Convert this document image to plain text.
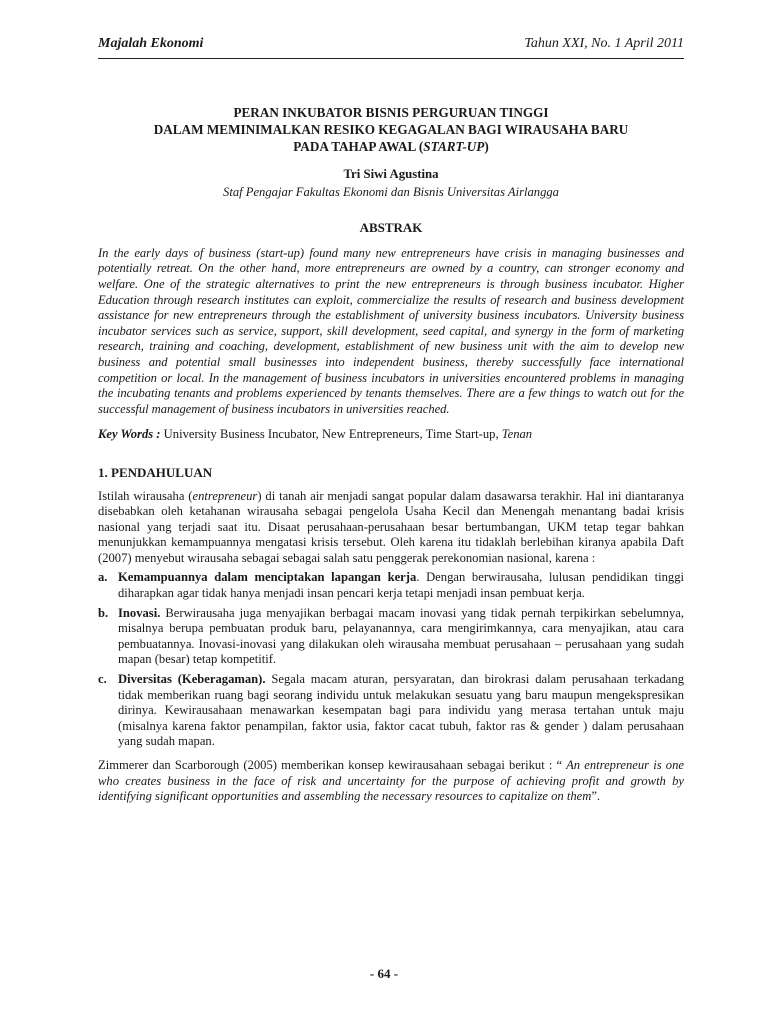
Majalah Ekonomi	Tahun XXI, No. 1 April 2011
PERAN INKUBATOR BISNIS PERGURUAN TINGGI
DALAM MEMINIMALKAN RESIKO KEGAGALAN BAGI WIRAUSAHA BARU
PADA TAHAP AWAL (START-UP)
Tri Siwi Agustina
Staf Pengajar Fakultas Ekonomi dan Bisnis Universitas Airlangga
ABSTRAK
In the early days of business (start-up) found many new entrepreneurs have crisis in managing businesses and potentially retreat. On the other hand, more entrepreneurs are owned by a country, can stronger economy and welfare. One of the strategic alternatives to print the new entrepreneurs is through business incubator. Higher Education through research institutes can exploit, commercialize the results of research and business development assistance for new entrepreneurs through the establishment of university business incubators. University business incubator services such as service, support, skill development, seed capital, and synergy in the form of marketing research, training and coaching, development, establishment of new business unit with the aim to develop new business and potential small businesses into independent business, thereby successfully face international competition or local. In the management of business incubators in universities encountered problems in managing the incubating tenants and problems experienced by tenants themselves. There are a few things to watch out for the successful management of business incubators in universities reached.
Key Words : University Business Incubator, New Entrepreneurs, Time Start-up, Tenan
1. PENDAHULUAN
Istilah wirausaha (entrepreneur) di tanah air menjadi sangat popular dalam dasawarsa terakhir. Hal ini diantaranya disebabkan oleh ketahanan wirausaha sebagai pengelola Usaha Kecil dan Menengah menantang badai krisis nasional yang terjadi saat itu. Disaat perusahaan-perusahaan besar bertumbangan, UKM tetap tegar bahkan menunjukkan kemampuannya mengatasi krisis tersebut. Oleh karena itu tidaklah berlebihan kiranya apabila Daft (2007) menyebut wirausaha sebagai sebagai salah satu penggerak perekonomian nasional, karena :
a. Kemampuannya dalam menciptakan lapangan kerja. Dengan berwirausaha, lulusan pendidikan tinggi diharapkan agar tidak hanya menjadi insan pencari kerja tetapi menjadi insan pembuat kerja.
b. Inovasi. Berwirausaha juga menyajikan berbagai macam inovasi yang tidak pernah terpikirkan sebelumnya, misalnya berupa pembuatan produk baru, pelayanannya, cara mengirimkannya, cara menyajikan, atau cara pembuatannya. Inovasi-inovasi yang dilakukan oleh wirausaha membuat perusahaan – perusahaan yang sudah mapan (besar) tetap kompetitif.
c. Diversitas (Keberagaman). Segala macam aturan, persyaratan, dan birokrasi dalam perusahaan terkadang tidak memberikan ruang bagi seorang individu untuk melakukan sesuatu yang baru maupun mengekspresikan dirinya. Kewirausahaan menawarkan kesempatan bagi para individu yang merasa tertahan untuk maju (misalnya karena faktor penampilan, faktor usia, faktor cacat tubuh, faktor ras & gender ) dalam perusahaan yang sudah mapan.
Zimmerer dan Scarborough (2005) memberikan konsep kewirausahaan sebagai berikut : “ An entrepreneur is one who creates business in the face of risk and uncertainty for the purpose of achieving profit and growth by identifying significant opportunities and assembling the necessary resources to capitalize on them”.
- 64 -
